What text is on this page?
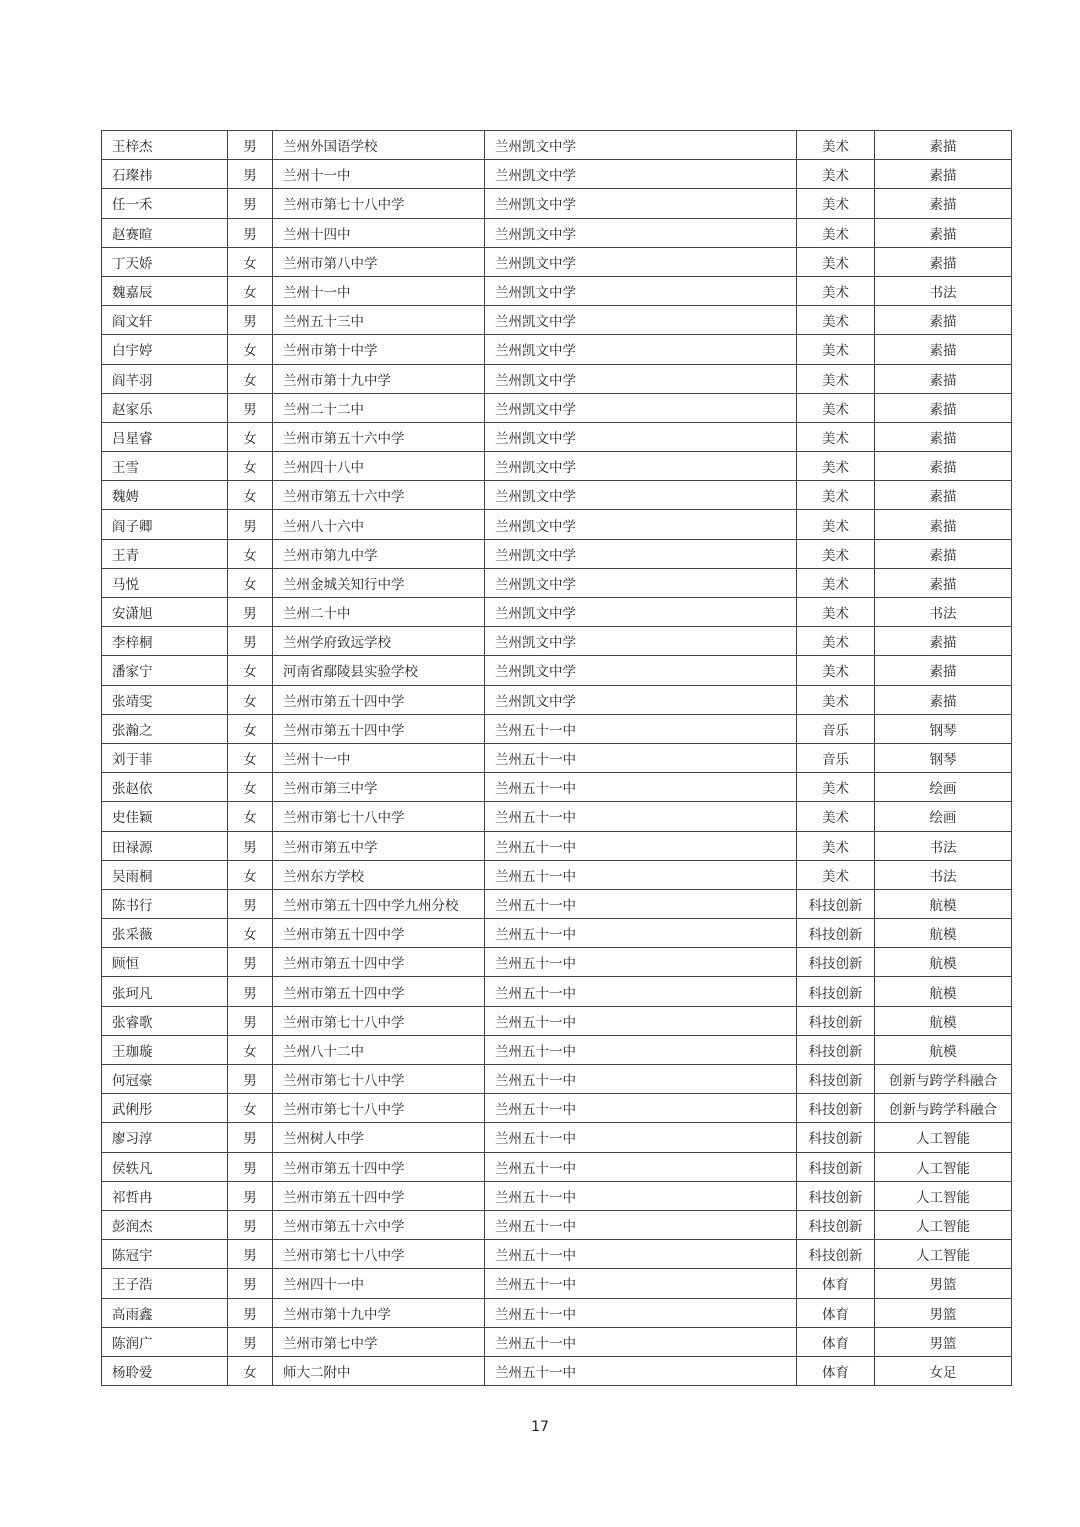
王梓杰	男	兰州外国语学校	兰州凯文中学	美术	素描
石璨祎	男	兰州十一中	兰州凯文中学	美术	素描
任一禾	男	兰州市第七十八中学	兰州凯文中学	美术	素描
赵赛暄	男	兰州十四中	兰州凯文中学	美术	素描
丁天娇	女	兰州市第八中学	兰州凯文中学	美术	素描
魏嘉辰	女	兰州十一中	兰州凯文中学	美术	书法
阎文轩	男	兰州五十三中	兰州凯文中学	美术	素描
白宇婷	女	兰州市第十中学	兰州凯文中学	美术	素描
阎芊羽	女	兰州市第十九中学	兰州凯文中学	美术	素描
赵家乐	男	兰州二十二中	兰州凯文中学	美术	素描
吕星睿	女	兰州市第五十六中学	兰州凯文中学	美术	素描
王雪	女	兰州四十八中	兰州凯文中学	美术	素描
魏娉	女	兰州市第五十六中学	兰州凯文中学	美术	素描
阎子卿	男	兰州八十六中	兰州凯文中学	美术	素描
王青	女	兰州市第九中学	兰州凯文中学	美术	素描
马悦	女	兰州金城关知行中学	兰州凯文中学	美术	素描
安潇旭	男	兰州二十中	兰州凯文中学	美术	书法
李梓桐	男	兰州学府致远学校	兰州凯文中学	美术	素描
潘家宁	女	河南省鄢陵县实验学校	兰州凯文中学	美术	素描
张靖雯	女	兰州市第五十四中学	兰州凯文中学	美术	素描
张瀚之	女	兰州市第五十四中学	兰州五十一中	音乐	钢琴
刘于菲	女	兰州十一中	兰州五十一中	音乐	钢琴
张赵依	女	兰州市第三中学	兰州五十一中	美术	绘画
史佳颖	女	兰州市第七十八中学	兰州五十一中	美术	绘画
田禄源	男	兰州市第五中学	兰州五十一中	美术	书法
吴雨桐	女	兰州东方学校	兰州五十一中	美术	书法
陈书行	男	兰州市第五十四中学九州分校	兰州五十一中	科技创新	航模
张采薇	女	兰州市第五十四中学	兰州五十一中	科技创新	航模
顾恒	男	兰州市第五十四中学	兰州五十一中	科技创新	航模
张珂凡	男	兰州市第五十四中学	兰州五十一中	科技创新	航模
张睿歌	男	兰州市第七十八中学	兰州五十一中	科技创新	航模
王珈璇	女	兰州八十二中	兰州五十一中	科技创新	航模
何冠豪	男	兰州市第七十八中学	兰州五十一中	科技创新	创新与跨学科融合
武俐彤	女	兰州市第七十八中学	兰州五十一中	科技创新	创新与跨学科融合
廖习淳	男	兰州树人中学	兰州五十一中	科技创新	人工智能
侯轶凡	男	兰州市第五十四中学	兰州五十一中	科技创新	人工智能
祁哲冉	男	兰州市第五十四中学	兰州五十一中	科技创新	人工智能
彭润杰	男	兰州市第五十六中学	兰州五十一中	科技创新	人工智能
陈冠宇	男	兰州市第七十八中学	兰州五十一中	科技创新	人工智能
王子浩	男	兰州四十一中	兰州五十一中	体育	男篮
高雨鑫	男	兰州市第十九中学	兰州五十一中	体育	男篮
陈润广	男	兰州市第七中学	兰州五十一中	体育	男篮
杨聆爱	女	师大二附中	兰州五十一中	体育	女足
17
